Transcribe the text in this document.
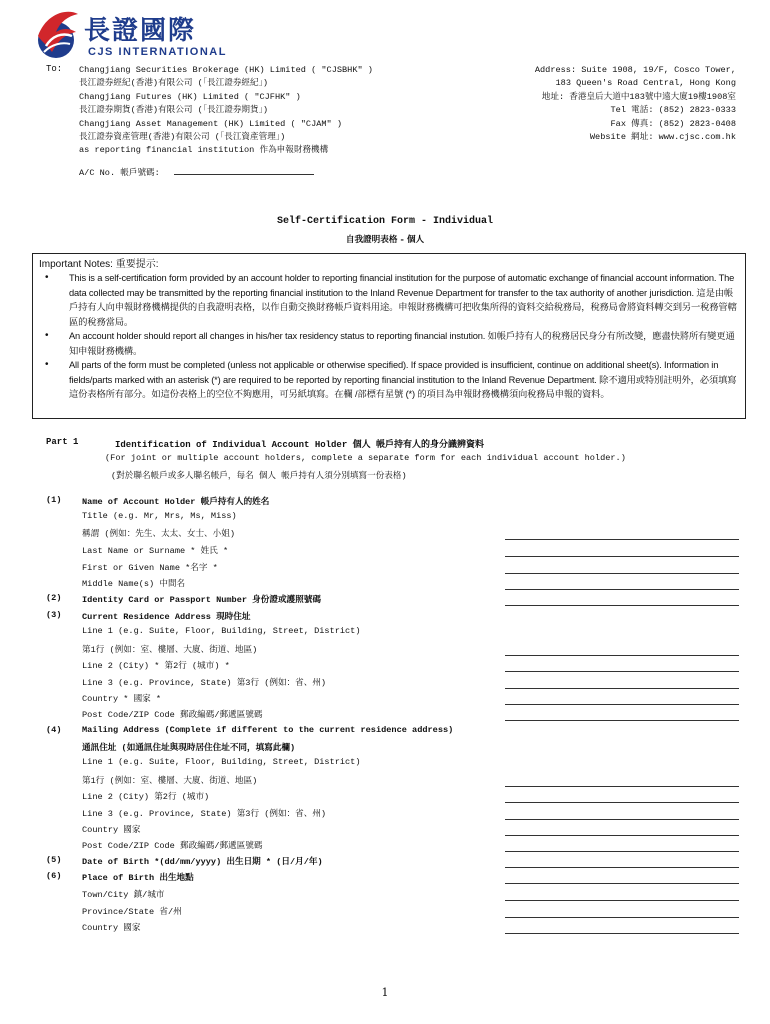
長證國際
CJS INTERNATIONAL
To: Changjiang Securities Brokerage (HK) Limited ( "CJSBHK" )
長江證券經紀(香港)有限公司 (「長江證券經紀」)
Changjiang Futures (HK) Limited ( "CJFHK" )
長江證券期貨(香港)有限公司 (「長江證券期貨」)
Changjiang Asset Management (HK) Limited ( "CJAM" )
長江證券資產管理(香港)有限公司 (「長江資產管理」)
as reporting financial institution 作為申報財務機構
Address: Suite 1908, 19/F, Cosco Tower,
183 Queen's Road Central, Hong Kong
地址: 香港皇后大道中183號中遠大廈19樓1908室
Tel 電話: (852) 2823-0333
Fax 傳真: (852) 2823-0408
Website 網址: www.cjsc.com.hk
A/C No. 帳戶號碼:
Self-Certification Form - Individual
自我證明表格 - 個人
Important Notes: 重要提示:
• This is a self-certification form provided by an account holder to reporting financial institution for the purpose of automatic exchange of financial account information. The data collected may be transmitted by the reporting financial institution to the Inland Revenue Department for transfer to the tax authority of another jurisdiction. 這是由帳戶持有人向申報財務機構提供的自我證明表格，以作自動交換財務帳戶資料用途。申報財務機構可把收集所得的資料交給稅務局，稅務局會將資料轉交到另一稅務管轄區的稅務當局。
• An account holder should report all changes in his/her tax residency status to reporting financial instution. 如帳戶持有人的稅務居民身分有所改變，應盡快將所有變更通知申報財務機構。
• All parts of the form must be completed (unless not applicable or otherwise specified). If space provided is insufficient, continue on additional sheet(s). Information in fields/parts marked with an asterisk (*) are required to be reported by reporting financial institution to the Inland Revenue Department. 除不適用或特別註明外，必須填寫這份表格所有部分。如這份表格上的空位不夠應用，可另紙填寫。在欄 /部標有星號 (*) 的項目為申報財務機構須向稅務局申報的資料。
Part 1	Identification of Individual Account Holder 個人 帳戶持有人的身分識辨資料
(For joint or multiple account holders, complete a separate form for each individual account holder.)
(對於聯名帳戶或多人聯名帳戶，每名 個人 帳戶持有人須分別填寫一份表格)
(1) Name of Account Holder 帳戶持有人的姓名
Title (e.g. Mr, Mrs, Ms, Miss)
稱謂 (例如：先生、太太、女士、小姐)
Last Name or Surname * 姓氏 *
First or Given Name *名字 *
Middle Name(s) 中間名
(2) Identity Card or Passport Number 身份證或護照號碼
(3) Current Residence Address 現時住址
Line 1 (e.g. Suite, Floor, Building, Street, District)
第1行 (例如：室、樓層、大廈、街道、地區)
Line 2 (City) * 第2行 (城市) *
Line 3 (e.g. Province, State) 第3行 (例如：省、州)
Country * 國家 *
Post Code/ZIP Code 郵政編碼/郵遞區號碼
(4) Mailing Address (Complete if different to the current residence address)
通訊住址 (如通訊住址與現時居住住址不同，填寫此欄)
Line 1 (e.g. Suite, Floor, Building, Street, District)
第1行 (例如：室、樓層、大廈、街道、地區)
Line 2 (City) 第2行 (城市)
Line 3 (e.g. Province, State) 第3行 (例如：省、州)
Country 國家
Post Code/ZIP Code 郵政編碼/郵遞區號碼
(5) Date of Birth *(dd/mm/yyyy) 出生日期 * (日/月/年)
(6) Place of Birth 出生地點
Town/City 鎮/城市
Province/State 省/州
Country 國家
1
